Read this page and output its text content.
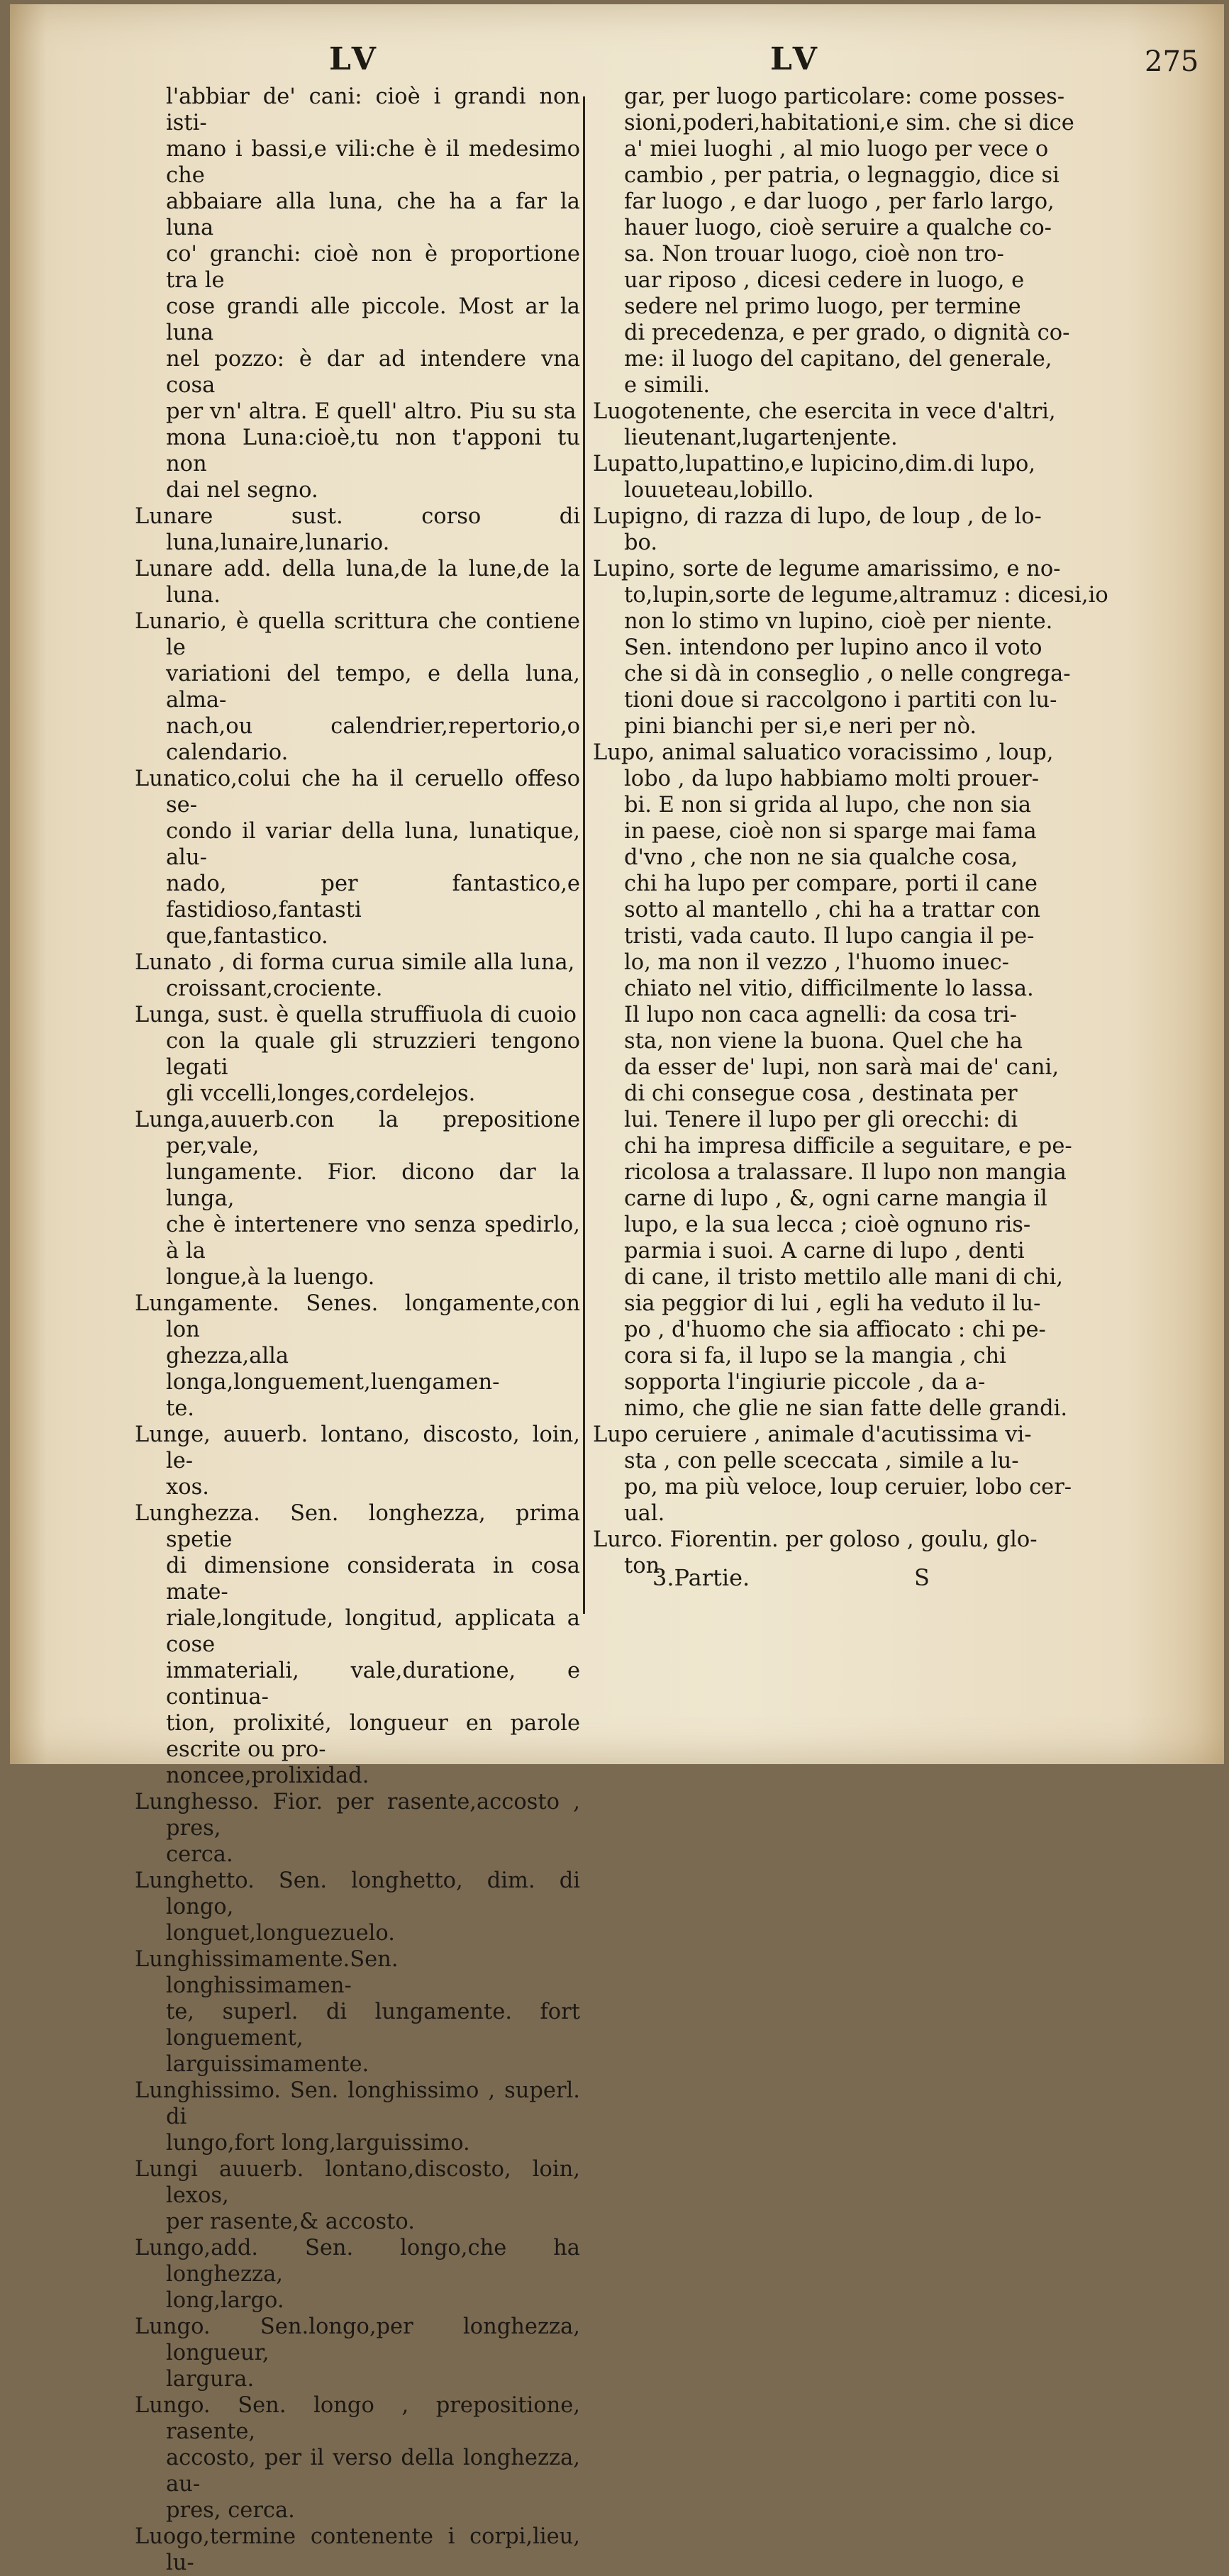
LV	LV	275

l'abbiar de' cani: cioè i grandi non isti-
mano i bassi,e vili:che è il medesimo che
abbaiare alla luna, che ha a far la luna
co' granchi: cioè non è proportione tra le
cose grandi alle piccole. Most ar la luna
nel pozzo: è dar ad intendere vna cosa
per vn' altra. E quell' altro. Piu su sta
mona Luna:cioè,tu non t'apponi tu non
dai nel segno.

Lunare sust. corso di luna,lunaire,lunario.

Lunare add. della luna,de la lune,de la luna.

Lunario, è quella scrittura che contiene le
variationi del tempo, e della luna, alma-
nach,ou calendrier,repertorio,o calendario.

Lunatico,colui che ha il ceruello offeso se-
condo il variar della luna, lunatique, alu-
nado, per fantastico,e fastidioso,fantasti
que,fantastico.

Lunato , di forma curua simile alla luna,
croissant,crociente.

Lunga, sust. è quella struffiuola di cuoio
con la quale gli struzzieri tengono legati
gli vccelli,longes,cordelejos.

Lunga,auuerb.con la prepositione per,vale,
lungamente. Fior. dicono dar la lunga,
che è intertenere vno senza spedirlo, à la
longue,à la luengo.

Lungamente. Senes. longamente,con lon
ghezza,alla longa,longuement,luengamen-
te.

Lunge, auuerb. lontano, discosto, loin, le-
xos.

Lunghezza. Sen. longhezza, prima spetie
di dimensione considerata in cosa mate-
riale,longitude, longitud, applicata a cose
immateriali, vale,duratione, e continua-
tion, prolixité, longueur en parole escrite ou pro-
noncee,prolixidad.

Lunghesso. Fior. per rasente,accosto , pres,
cerca.

Lunghetto. Sen. longhetto, dim. di longo,
longuet,longuezuelo.

Lunghissimamente.Sen. longhissimamen-
te, superl. di lungamente. fort longuement,
larguissimamente.

Lunghissimo. Sen. longhissimo , superl. di
lungo,fort long,larguissimo.

Lungi auuerb. lontano,discosto, loin, lexos,
per rasente,& accosto.

Lungo,add. Sen. longo,che ha longhezza,
long,largo.

Lungo. Sen.longo,per longhezza, longueur,
largura.

Lungo. Sen. longo , prepositione, rasente,
accosto, per il verso della longhezza, au-
pres, cerca.

Luogo,termine contenente i corpi,lieu, lu-

gar, per luogo particolare: come posses-
sioni,poderi,habitationi,e sim. che si dice
a' miei luoghi , al mio luogo per vece o
cambio , per patria, o legnaggio, dice si
far luogo , e dar luogo , per farlo largo,
hauer luogo, cioè seruire a qualche co-
sa. Non trouar luogo, cioè non tro-
uar riposo , dicesi cedere in luogo, e
sedere nel primo luogo, per termine
di precedenza, e per grado, o dignità co-
me: il luogo del capitano, del generale,
e simili.

Luogotenente, che esercita in vece d'altri,
lieutenant,lugartenjente.

Lupatto,lupattino,e lupicino,dim.di lupo,
louueteau,lobillo.

Lupigno, di razza di lupo, de loup , de lo-
bo.

Lupino, sorte de legume amarissimo, e no-
to,lupin,sorte de legume,altramuz : dicesi,io
non lo stimo vn lupino, cioè per niente.
Sen. intendono per lupino anco il voto
che si dà in conseglio , o nelle congrega-
tioni doue si raccolgono i partiti con lu-
pini bianchi per si,e neri per nò.

Lupo, animal saluatico voracissimo , loup,
lobo , da lupo habbiamo molti prouer-
bi. E non si grida al lupo, che non sia
in paese, cioè non si sparge mai fama
d'vno , che non ne sia qualche cosa,
chi ha lupo per compare, porti il cane
sotto al mantello , chi ha a trattar con
tristi, vada cauto. Il lupo cangia il pe-
lo, ma non il vezzo , l'huomo inuec-
chiato nel vitio, difficilmente lo lassa.
Il lupo non caca agnelli: da cosa tri-
sta, non viene la buona. Quel che ha
da esser de' lupi, non sarà mai de' cani,
di chi consegue cosa , destinata per
lui. Tenere il lupo per gli orecchi: di
chi ha impresa difficile a seguitare, e pe-
ricolosa a tralassare. Il lupo non mangia
carne di lupo , &, ogni carne mangia il
lupo, e la sua lecca ; cioè ognuno ris-
parmia i suoi. A carne di lupo , denti
di cane, il tristo mettilo alle mani di chi,
sia peggior di lui , egli ha veduto il lu-
po , d'huomo che sia affiocato : chi pe-
cora si fa, il lupo se la mangia , chi
sopporta l'ingiurie piccole , da a-
nimo, che glie ne sian fatte delle grandi.

Lupo ceruiere , animale d'acutissima vi-
sta , con pelle sceccata , simile a lu-
po, ma più veloce, loup ceruier, lobo cer-
ual.

Lurco. Fiorentin. per goloso , goulu, glo-
ton.

3.Partie.	S
